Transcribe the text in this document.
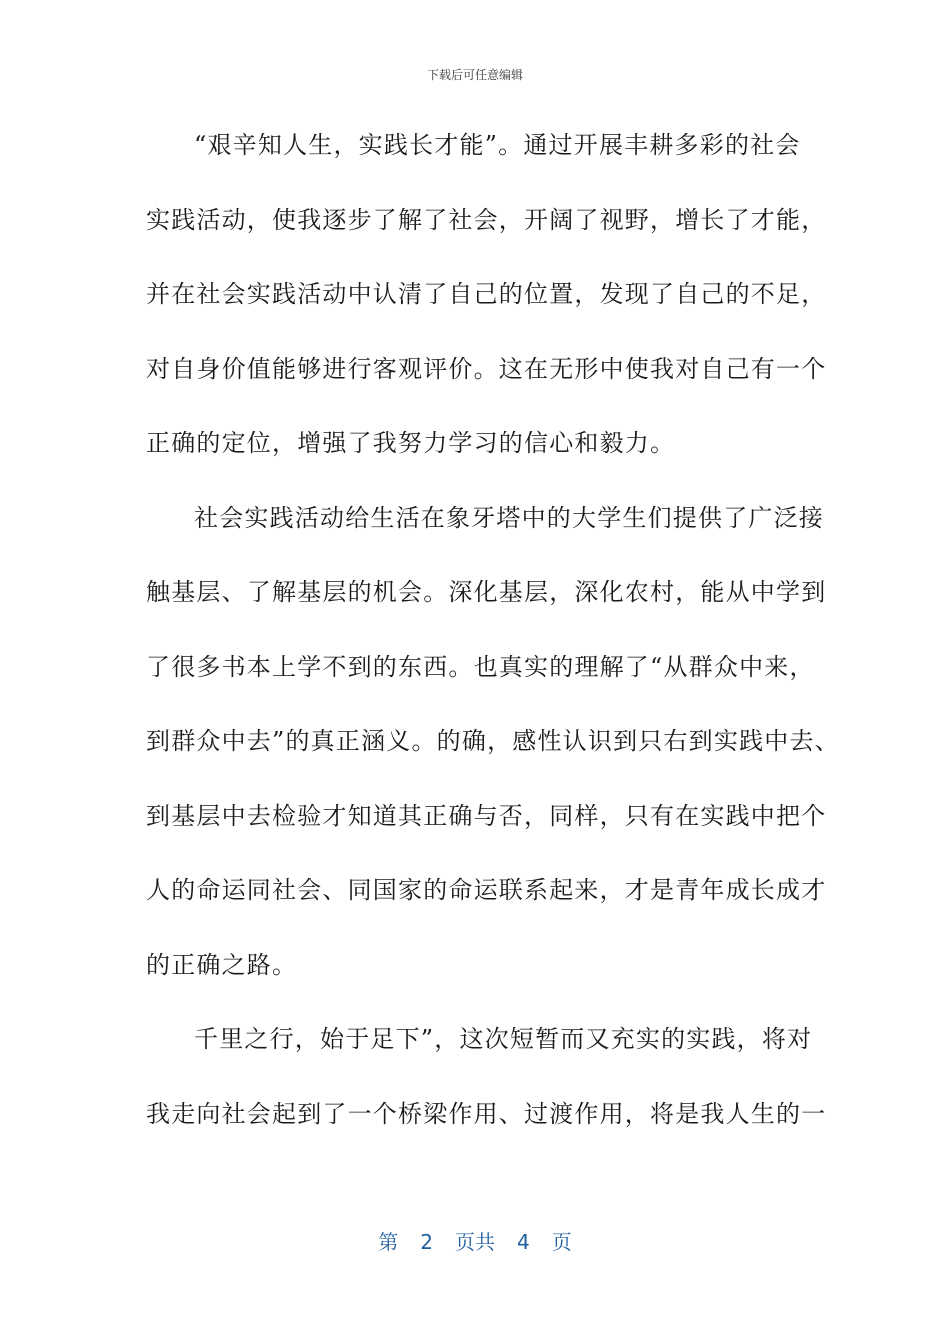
下载后可任意编辑
“艰辛知人生，实践长才能”。通过开展丰耕多彩的社会
实践活动，使我逐步了解了社会，开阔了视野，增长了才能，
并在社会实践活动中认清了自己的位置，发现了自己的不足，
对自身价值能够进行客观评价。这在无形中使我对自己有一个
正确的定位，增强了我努力学习的信心和毅力。
社会实践活动给生活在象牙塔中的大学生们提供了广泛接
触基层、了解基层的机会。深化基层，深化农村，能从中学到
了很多书本上学不到的东西。也真实的理解了“从群众中来，
到群众中去”的真正涵义。的确，感性认识到只右到实践中去、
到基层中去检验才知道其正确与否，同样，只有在实践中把个
人的命运同社会、同国家的命运联系起来，才是青年成长成才
的正确之路。
千里之行，始于足下”，这次短暂而又充实的实践，将对
我走向社会起到了一个桥梁作用、过渡作用，将是我人生的一
第 2 页共 4 页
